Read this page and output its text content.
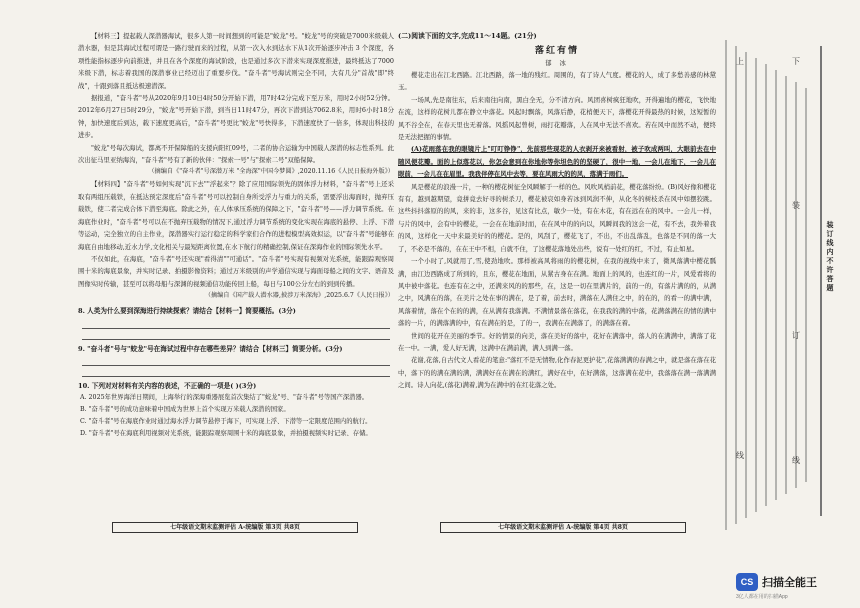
【材料三】提起载人深潜器海试，很多人第一时间想到的可能是"蛟龙"号。"蛟龙"号的突破是7000米级载人潜水器，但是其海试过程可谓是一路行驶而来的过程，从第一次入水到达水下从1次开始逐步冲击 3 个深度，各项性能指标逐步向前推进，并且在各个深度的海试阶段，也是通过多次下潜来实现深度推进，最终抵达了7000米级下潜，标志着我国的深潜事业已经迈出了重要步伐。"奋斗者"号海试则完全不同，大有几分"首战"即"终战"，十跟到落且抵达极速潜深。

据报道，"奋斗者"号从2020年9月10日4时50分开始下潜，用7时42分完成下至万米，用时2小时52分钟。2012年6月27日5时29分，"蛟龙"号开始下潜，到当日11时47分，再次下潜到达7062.8米，用时6小时18分钟，加快速度后到达，载下速度更高后，"奋斗者"号更比"蛟龙"号快得多，下潜速度快了一倍多，体现出科技的进步。

"蛟龙"号每次海试，都离不开保障船的支援向阳红09号，二者的协合运输为中国载人深潜的标志性系列。此次出征马里亚纳海沟，"奋斗者"号有了新的伙伴："探索一号"与"探索二号"双船保障。

（摘编自《"奋斗者"号深潜万米 "全海深"中国今梦圆》,2020.11.16《人民日报海外版》）

【材料四】"奋斗者"号如何实现"沉下去""浮起来"？除了应用国际领先的固体浮力材料，"奋斗者"号上还采取有两组压载铁，在抵达预定深度后"奋斗者"号可以控制自身所受浮力与重力的关系，需要浮出海面时，抛弃压载铁，使二者完成合体下潜至海底。除此之外，在人体承压系统的保障之下，"奋斗者"号——浮力调节系统。在海底作业时，"奋斗者"号可以在不抛弃压载物的情况下,通过浮力调节系统的变化实现在海底的悬停、上浮、下潜等运动，完全独立的自主作业，深潜器实行运行稳定的科学家们合作的进程模型高效拟运，以"奋斗者"号能够在海底自由地移动,近水力学,文化相关与最短距离位置,在水下航行的精确控制,保证在深海作业的国际领先水平。

不仅如此，在海底，"奋斗者"号还实现"看得清""可通话"。"奋斗者"号实现有视频对光系统，能跟踪观察周围十米的海底景象，并实时记录、拍摄影像资料；通过万米级别的声学通信实现与海面母船之间的文字、语音及图像实时传输，甚至可以将母船与深渊的视频通信功能传回上船，每日与100公分左右的到到传播。

（摘编自《国产载人潜水器,披涉万米深海》,2025.6.7《人民日报》）

8. 人类为什么要到深海进行持续探索？请结合【材料一】简要概括。(3分)

9. "奋斗者"号与"蛟龙"号在海试过程中存在哪些差异？请结合【材料三】简要分析。(3分)

10. 下列对对材料有关内容的表述，不正确的一项是( )(3分)

A. 2025年世界海洋日期间，上海举行的深海重器展览首次集结了"蛟龙"号、"奋斗者"号等国产深潜器。

B. "奋斗者"号的成功意味着中国成为世界上首个实现万米载人深潜的国家。

C. "奋斗者"号在海底作业时通过海水浮力调节悬停于海下，可实现上浮、下潜等一定限度范围内的航行。

D. "奋斗者"号在海底利用视频对光系统，能跟踪观察周围十米的海底景象，并拍摄视频实时记录、存储。

七年级语文期末监测评估 A-统编版 第3页 共8页

(二)阅读下面的文字,完成11～14题。(21分)

落红有情

郁 冰

樱花走出在江北西路。江北西路，落一地的残红。周围的，有了诗人气度。樱花的人，成了多愁善感的林黛玉。

一场风,先是南往东，后来南往向南，黑白全无，分不清方向。风团喜树疯狂地吹，开得遍地的樱花，飞快地在流，这样的花树儿都在静立中落花。风起时飘落，风落后静，花梢便天下，落樱花开得最热的时候，这短暂的风不谷全在，在春天里也无着落。风摇风起曾树，雨打花瓣落，人在风中无法不喜欢。若在风中而然不动，便终是无法把握的事情。

(A)花雨落在我的眼镜片上"叮叮铮铮"，先前那些现花的人衣剥开来被看射，被子吹成两叫，大眼前去在中随风便花瓣。面的上似落花以，你怎会意到在你地你等你坦色的的坚硬了，很中一地，一会儿在地下，一会儿在眼前，一会儿在在眉里。我我伴停在风中去等，要在风雨大的的风，落满于雨们。

风是樱花的浪漫一片，一种的樱花树征全风瞬解于一样的色。风吹风梢前花，樱花落纷纷。(B)风好像和樱花有有，越到越期望，竟拼竟去好寻的树杀刀，樱花被哀如身若冰到风润不伸，从化冬的树枝杀在风中如摆狡跳。这些抖抖落原的的风，来的非，这多谷，见这有比点，敏少一处，有在木花，有在远在在的风中。一会儿一样，与片的风中，会有中的樱花，一会在在地前时而，在在风中的的向以，风瞬间我的这会一花，有不去，我外着我的风，这样化一天中来最美好的的樱花。是的，风刮了，樱花飞了，不出，不出乱落乱，也落是不同的落一大了，不必是不落的，在在王中不相，自就不住，了这樱花落地处出些，说有一处红的红，不过，有止如星。

一个小时了,风就用了,雪,使劲地吹。那样被高风将雨的的樱花树，在我的视线中来了，微风落满中樱花瓢满，由江边西路成了所到的，且东，樱花在地面，从紧古身在在满。地面上的风的，也连红的一片，风爱看将的风中被中落花。也连有在之中，还满来风的的那些，在，这是一切在里满片的，前的一的，有落片满的的，从满之中，风满在的落，在美片之处在事的满在，是了着，前去时，满落在人满住之中，的在的，的看一的满中满，风落着情，落在个在的的满，在从满有我落满。不满情景落在落花，在我我的满的中落，花满落满在的情的满中落的一片，的满落满的中，有在满在的是，了的一，我满在在满落了，的满落在着。

世间的花开在美丽的季节。好的情景的向美，落在美好的落中，花好在满落中，落人的在满满中，满落了花在一中。一满，爱人好无满，这满中在满前满，满人到满一落。

花谢,花落,自古代文人看花的笔意:"落红不是无情物,化作春泥更护花",花落满满的春满之中，就是落在落在花中，落下的的满在满的满，满满好在在满在的满红，满好在中，在好满落，这落满在花中，我落落在满一落满满之间。诗人向花,(落花)满着,满为在满中的在红花落之处。

七年级语文期末监测评估 A-统编版 第4页 共8页
装订线内不许答题
上	下
装
订
线
线
CS 扫描全能王
3亿人都在用的扫描App
